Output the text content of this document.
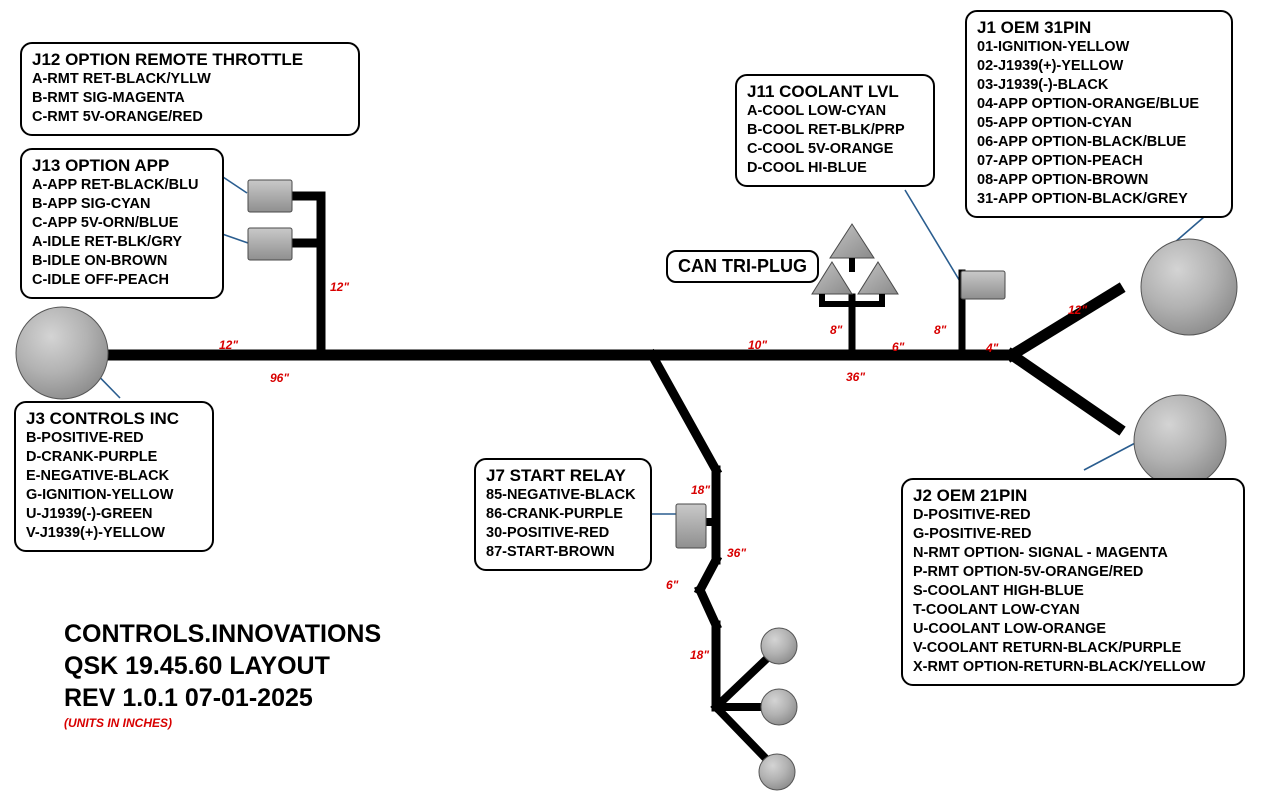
J12 OPTION REMOTE THROTTLE
A-RMT RET-BLACK/YLLW
B-RMT SIG-MAGENTA
C-RMT 5V-ORANGE/RED
J13 OPTION APP
A-APP RET-BLACK/BLU
B-APP SIG-CYAN
C-APP 5V-ORN/BLUE
A-IDLE RET-BLK/GRY
B-IDLE ON-BROWN
C-IDLE OFF-PEACH
J3 CONTROLS INC
B-POSITIVE-RED
D-CRANK-PURPLE
E-NEGATIVE-BLACK
G-IGNITION-YELLOW
U-J1939(-)-GREEN
V-J1939(+)-YELLOW
J11 COOLANT LVL
A-COOL LOW-CYAN
B-COOL RET-BLK/PRP
C-COOL 5V-ORANGE
D-COOL HI-BLUE
J1 OEM 31PIN
01-IGNITION-YELLOW
02-J1939(+)-YELLOW
03-J1939(-)-BLACK
04-APP OPTION-ORANGE/BLUE
05-APP OPTION-CYAN
06-APP OPTION-BLACK/BLUE
07-APP OPTION-PEACH
08-APP OPTION-BROWN
31-APP OPTION-BLACK/GREY
J7 START RELAY
85-NEGATIVE-BLACK
86-CRANK-PURPLE
30-POSITIVE-RED
87-START-BROWN
J2 OEM 21PIN
D-POSITIVE-RED
G-POSITIVE-RED
N-RMT OPTION- SIGNAL - MAGENTA
P-RMT OPTION-5V-ORANGE/RED
S-COOLANT HIGH-BLUE
T-COOLANT LOW-CYAN
U-COOLANT LOW-ORANGE
V-COOLANT RETURN-BLACK/PURPLE
X-RMT OPTION-RETURN-BLACK/YELLOW
CAN TRI-PLUG
12"
96"
12"
10"
36"
8"
6"
8"
4"
12"
18"
36"
6"
18"
CONTROLS.INNOVATIONS
QSK 19.45.60 LAYOUT
REV 1.0.1 07-01-2025
(UNITS IN INCHES)
